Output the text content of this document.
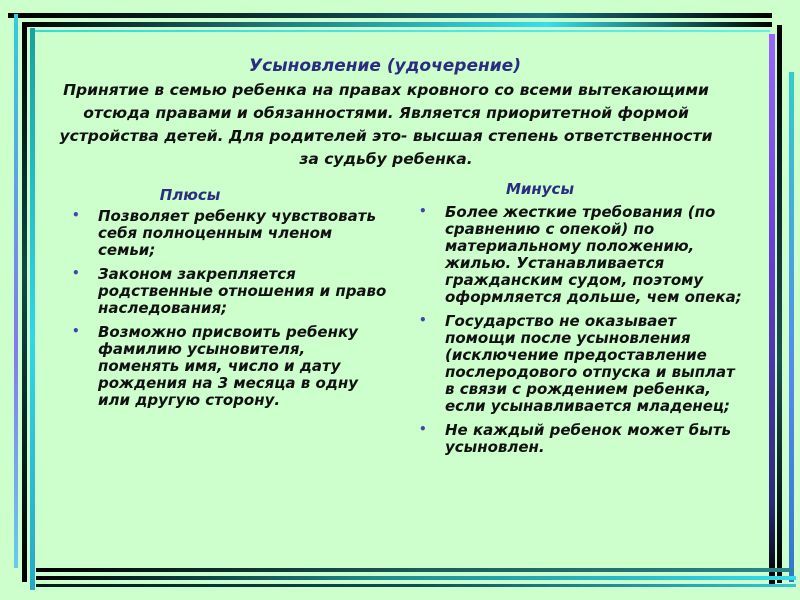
Усыновление (удочерение)
Принятие в семью ребенка на правах кровного со всеми вытекающими отсюда правами и обязанностями. Является приоритетной формой устройства детей. Для родителей это- высшая степень ответственности за судьбу ребенка.
Плюсы
• Позволяет ребенку чувствовать себя полноценным членом семьи;
• Законом закрепляется родственные отношения и право наследования;
• Возможно присвоить ребенку фамилию усыновителя, поменять имя, число и дату рождения на 3 месяца в одну или другую сторону.
Минусы
• Более жесткие требования (по сравнению с опекой) по материальному положению, жилью. Устанавливается гражданским судом, поэтому оформляется дольше, чем опека;
• Государство не оказывает помощи после усыновления (исключение предоставление послеродового отпуска и выплат в связи с рождением ребенка, если усынавливается младенец;
• Не каждый ребенок может быть усыновлен.
